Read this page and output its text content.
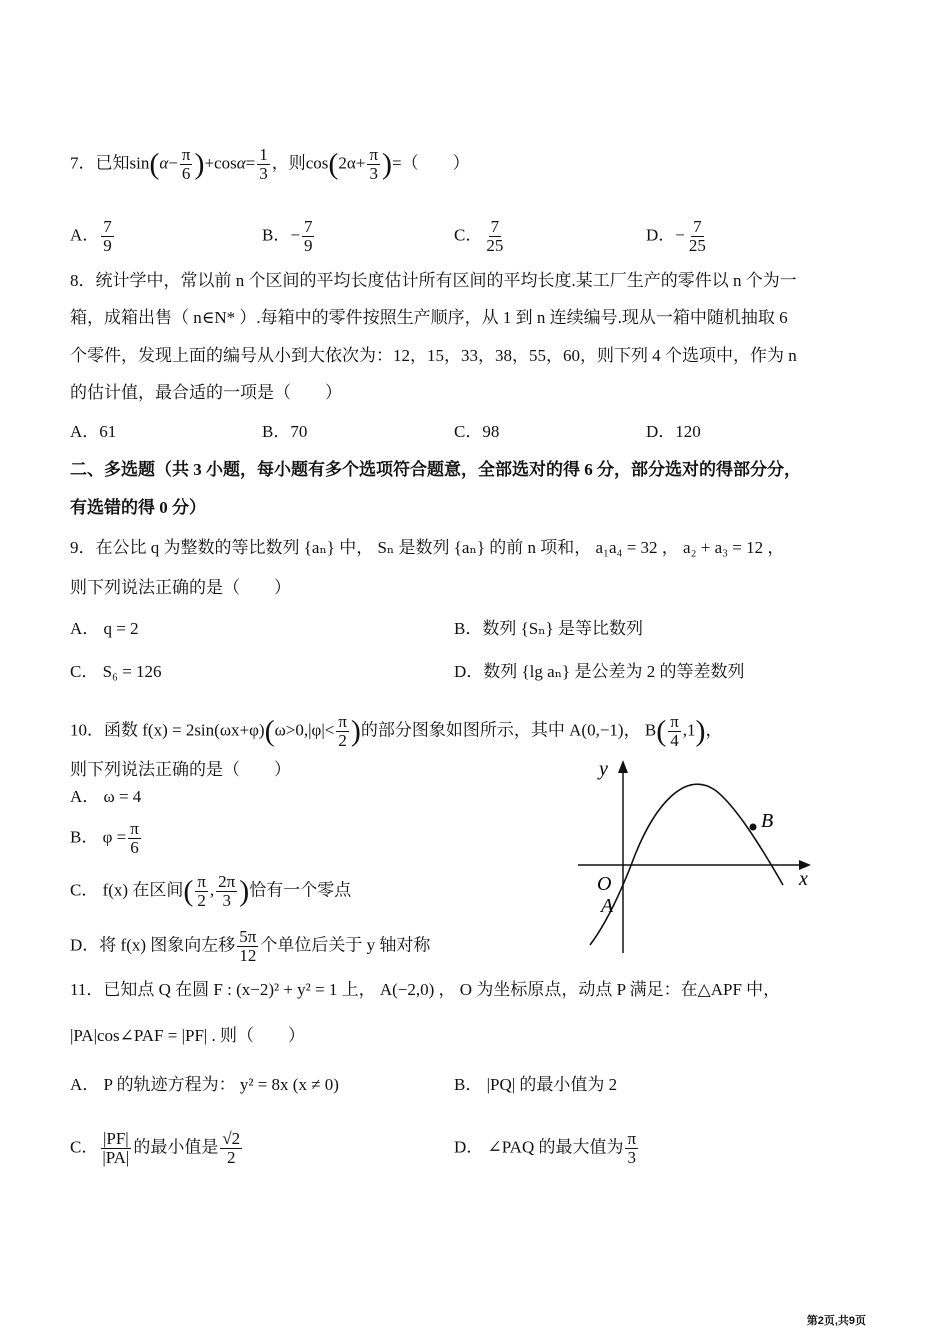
7．已知$\sin(\alpha- \frac{\pi}{6} )+\cos\alpha= \frac{1}{3}$ ，则$\cos(2\alpha+ \frac{\pi}{3}$ )=（　　）
A． $\frac{7}{9}$	B．− $\frac{7}{9}$	C． $\frac{7}{25}$	D．− $\frac{7}{25}$
8．统计学中，常以前 n 个区间的平均长度估计所有区间的平均长度.某工厂生产的零件以 n 个为一
箱，成箱出售（ n∈N* ）.每箱中的零件按照生产顺序，从 1 到 n 连续编号.现从一箱中随机抽取 6
个零件，发现上面的编号从小到大依次为：12，15，33，38，55，60，则下列 4 个选项中，作为 n
的估计值，最合适的一项是（　　）
A．61	B．70	C．98	D．120
二、多选题（共 3 小题，每小题有多个选项符合题意，全部选对的得 6 分，部分选对的得部分分，
有选错的得 0 分）
9．在公比 q 为整数的等比数列 {aₙ} 中， Sₙ 是数列 {aₙ} 的前 n 项和， a₁a₄ = 32 ， a₂ + a₃ = 12 ，
则下列说法正确的是（　　）
A． q = 2	B．数列 {Sₙ} 是等比数列
C． S₆ = 126	D．数列 {lg aₙ} 是公差为 2 的等差数列
10．函数 $f(x) = 2\sin(\omega x+\varphi)(\omega>0,|\varphi|< \frac{\pi}{2}$ )的部分图象如图所示，其中 A(0,−1)， $B( \frac{\pi}{4} ,1)$，
则下列说法正确的是（　　）
A． ω = 4
B． $\varphi = \frac{\pi}{6}$
C． f(x) 在区间( $\frac{\pi}{2}$ , $\frac{2\pi}{3}$ )恰有一个零点
D．将 f(x) 图象向左移 $\frac{5\pi}{12}$ 个单位后关于 y 轴对称
y
x
O
A
B
11．已知点 Q 在圆 F : (x−2)² + y² = 1 上， A(−2,0) ， O 为坐标原点，动点 P 满足：在△APF 中，
|PA|cos∠PAF = |PF| . 则（　　）
A． P 的轨迹方程为： y² = 8x (x ≠ 0)	B． |PQ| 的最小值为 2
C． $\frac{|PF|}{|PA|}$ 的最小值是 $\frac{√2}{2}$	D． ∠PAQ 的最大值为 $\frac{\pi}{3}$
第2页,共9页
